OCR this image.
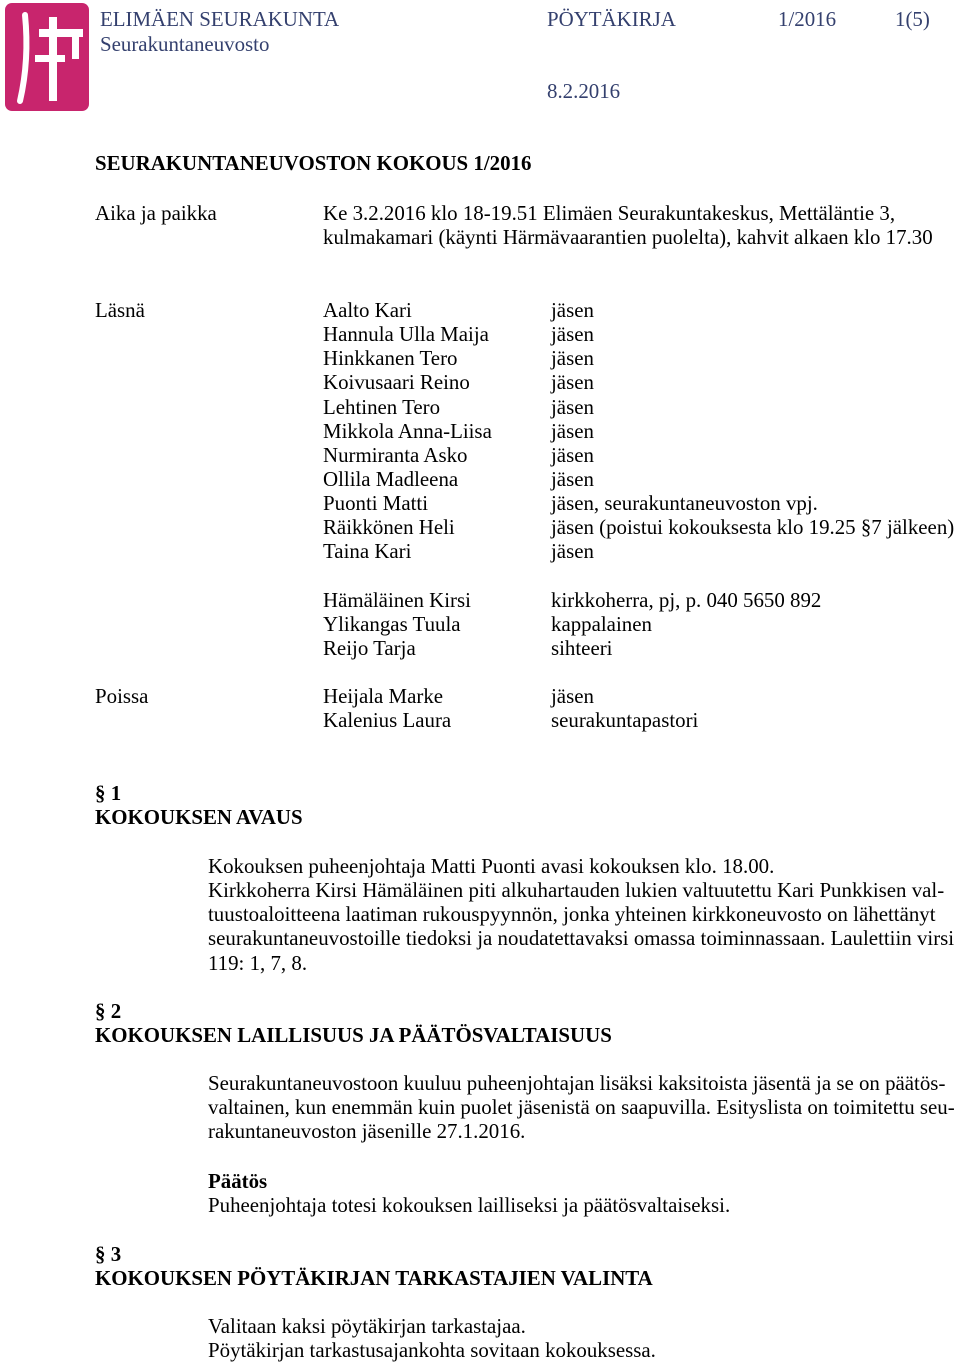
ELIMÄEN SEURAKUNTA
Seurakuntaneuvosto
PÖYTÄKIRJA	1/2016	1(5)
8.2.2016
SEURAKUNTANEUVOSTON KOKOUS 1/2016
Aika ja paikka	Ke 3.2.2016 klo 18-19.51 Elimäen Seurakuntakeskus, Mettäläntie 3,
kulmakamari (käynti Härmävaarantien puolelta), kahvit alkaen klo 17.30
Läsnä	Aalto Kari	jäsen
Hannula Ulla Maija	jäsen
Hinkkanen Tero	jäsen
Koivusaari Reino	jäsen
Lehtinen Tero	jäsen
Mikkola Anna-Liisa	jäsen
Nurmiranta Asko	jäsen
Ollila Madleena	jäsen
Puonti Matti	jäsen, seurakuntaneuvoston vpj.
Räikkönen Heli	jäsen (poistui kokouksesta klo 19.25 §7 jälkeen)
Taina Kari	jäsen
Hämäläinen Kirsi	kirkkoherra, pj, p. 040 5650 892
Ylikangas Tuula	kappalainen
Reijo Tarja	sihteeri
Poissa	Heijala Marke	jäsen
Kalenius Laura	seurakuntapastori
§ 1
KOKOUKSEN AVAUS
Kokouksen puheenjohtaja Matti Puonti avasi kokouksen klo. 18.00.
Kirkkoherra Kirsi Hämäläinen piti alkuhartauden lukien valtuutettu Kari Punkkisen val-
tuustoaloitteena laatiman rukouspyynnön, jonka yhteinen kirkkoneuvosto on lähettänyt
seurakuntaneuvostoille tiedoksi ja noudatettavaksi omassa toiminnassaan. Laulettiin virsi
119: 1, 7, 8.
§ 2
KOKOUKSEN LAILLISUUS JA PÄÄTÖSVALTAISUUS
Seurakuntaneuvostoon kuuluu puheenjohtajan lisäksi kaksitoista jäsentä ja se on päätös-
valtainen, kun enemmän kuin puolet jäsenistä on saapuvilla. Esityslista on toimitettu seu-
rakuntaneuvoston jäsenille 27.1.2016.
Päätös
Puheenjohtaja totesi kokouksen lailliseksi ja päätösvaltaiseksi.
§ 3
KOKOUKSEN PÖYTÄKIRJAN TARKASTAJIEN VALINTA
Valitaan kaksi pöytäkirjan tarkastajaa.
Pöytäkirjan tarkastusajankohta sovitaan kokouksessa.
